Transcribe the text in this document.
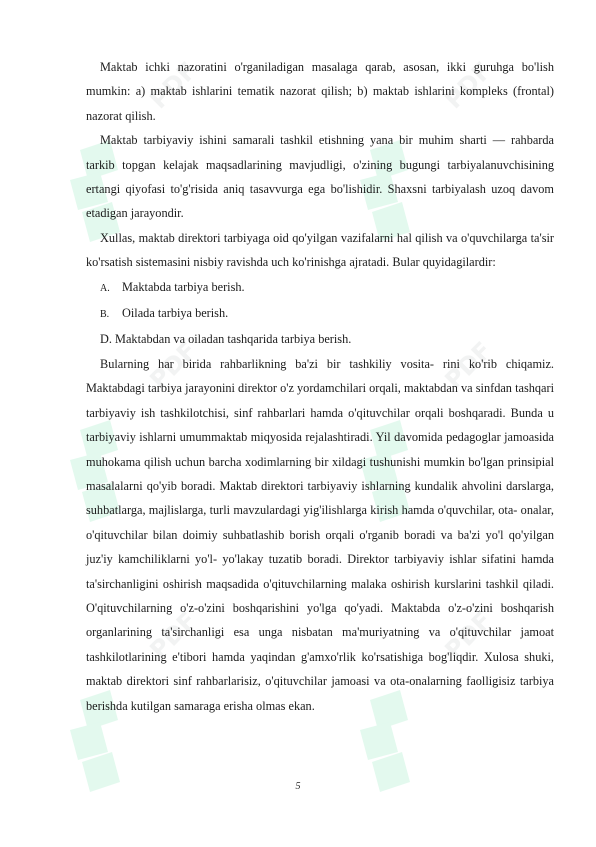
PDF	PDF
PDF	PDF
PDF	PDF

Maktab ichki nazoratini o'rganiladigan masalaga qarab, asosan, ikki guruhga bo'lish mumkin: a) maktab ishlarini tematik nazorat qilish; b) maktab ishlarini kompleks (frontal) nazorat qilish.

Maktab tarbiyaviy ishini samarali tashkil etishning yana bir muhim sharti — rahbarda tarkib topgan kelajak maqsadlarining mavjudligi, o'zining bugungi tarbiyalanuvchisining ertangi qiyofasi to'g'risida aniq tasavvurga ega bo'lishidir. Shaxsni tarbiyalash uzoq davom etadigan jarayondir.

Xullas, maktab direktori tarbiyaga oid qo'yilgan vazifalarni hal qilish va o'quvchilarga ta'sir ko'rsatish sistemasini nisbiy ravishda uch ko'rinishga ajratadi. Bular quyidagilardir:

A. Maktabda tarbiya berish.
B.	Oilada tarbiya berish.
D. Maktabdan va oiladan tashqarida tarbiya berish.

Bularning har birida rahbarlikning ba'zi bir tashkiliy vosita- rini ko'rib chiqamiz. Maktabdagi tarbiya jarayonini direktor o'z yordamchilari orqali, maktabdan va sinfdan tashqari tarbiyaviy ish tashkilotchisi, sinf rahbarlari hamda o'qituvchilar orqali boshqaradi. Bunda u tarbiyaviy ishlarni umummaktab miqyosida rejalashtiradi. Yil davomida pedagoglar jamoasida muhokama qilish uchun barcha xodimlarning bir xildagi tushunishi mumkin bo'lgan prinsipial masalalarni qo'yib boradi. Maktab direktori tarbiyaviy ishlarning kundalik ahvolini darslarga, suhbatlarga, majlislarga, turli mavzulardagi yig'ilishlarga kirish hamda o'quvchilar, ota- onalar, o'qituvchilar bilan doimiy suhbatlashib borish orqali o'rganib boradi va ba'zi yo'l qo'yilgan juz'iy kamchiliklarni yo'l- yo'lakay tuzatib boradi. Direktor tarbiyaviy ishlar sifatini hamda ta'sirchanligini oshirish maqsadida o'qituvchilarning malaka oshirish kurslarini tashkil qiladi. O'qituvchilarning o'z-o'zini boshqarishini yo'lga qo'yadi. Maktabda o'z-o'zini boshqarish organlarining ta'sirchanligi esa unga nisbatan ma'muriyatning va o'qituvchilar jamoat tashkilotlarining e'tibori hamda yaqindan g'amxo'rlik ko'rsatishiga bog'liqdir. Xulosa shuki, maktab direktori sinf rahbarlarisiz, o'qituvchilar jamoasi va ota-onalarning faolligisiz tarbiya berishda kutilgan samaraga erisha olmas ekan.

5
